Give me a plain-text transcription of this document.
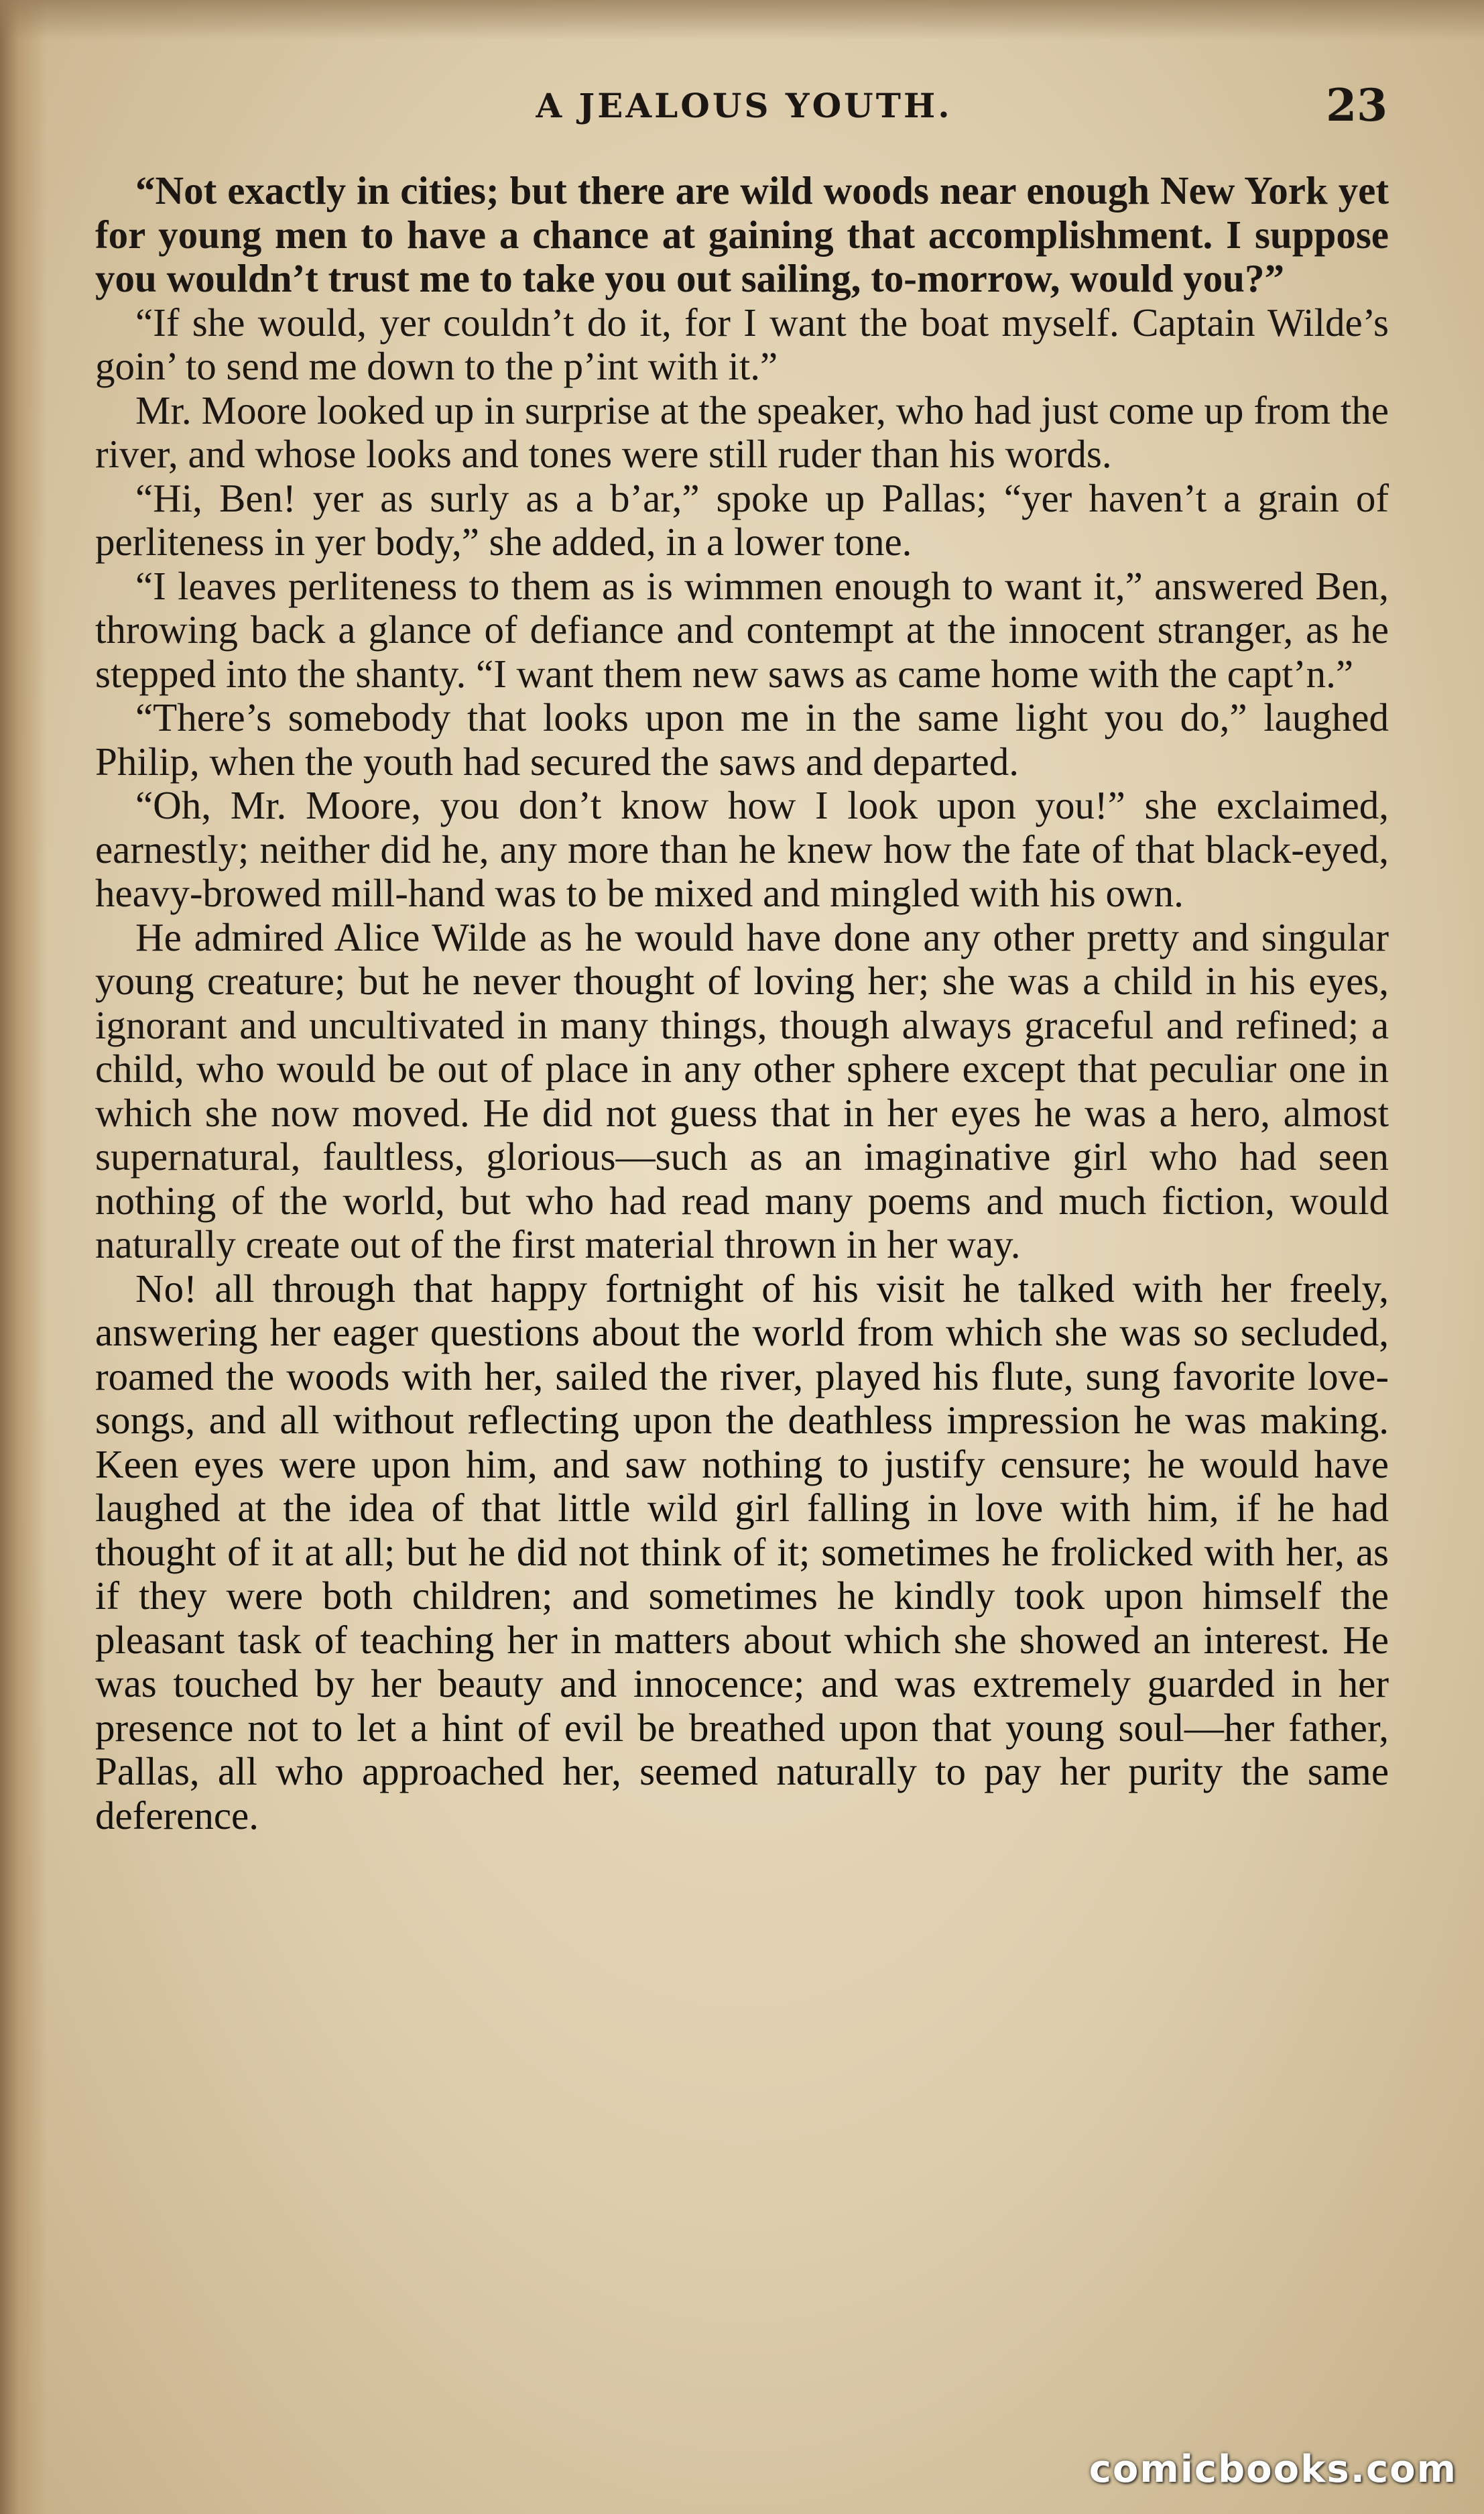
A JEALOUS YOUTH.	23

“Not exactly in cities; but there are wild woods near enough New York yet for young men to have a chance at gaining that accomplishment. I suppose you wouldn’t trust me to take you out sailing, to-morrow, would you?”

“If she would, yer couldn’t do it, for I want the boat myself. Captain Wilde’s goin’ to send me down to the p’int with it.”

Mr. Moore looked up in surprise at the speaker, who had just come up from the river, and whose looks and tones were still ruder than his words.

“Hi, Ben! yer as surly as a b’ar,” spoke up Pallas; “yer haven’t a grain of perliteness in yer body,” she added, in a lower tone.

“I leaves perliteness to them as is wimmen enough to want it,” answered Ben, throwing back a glance of defiance and contempt at the innocent stranger, as he stepped into the shanty. “I want them new saws as came home with the capt’n.”

“There’s somebody that looks upon me in the same light you do,” laughed Philip, when the youth had secured the saws and departed.

“Oh, Mr. Moore, you don’t know how I look upon you!” she exclaimed, earnestly; neither did he, any more than he knew how the fate of that black-eyed, heavy-browed mill-hand was to be mixed and mingled with his own.

He admired Alice Wilde as he would have done any other pretty and singular young creature; but he never thought of loving her; she was a child in his eyes, ignorant and uncultivated in many things, though always graceful and refined; a child, who would be out of place in any other sphere except that peculiar one in which she now moved. He did not guess that in her eyes he was a hero, almost supernatural, faultless, glorious—such as an imaginative girl who had seen nothing of the world, but who had read many poems and much fiction, would naturally create out of the first material thrown in her way.

No! all through that happy fortnight of his visit he talked with her freely, answering her eager questions about the world from which she was so secluded, roamed the woods with her, sailed the river, played his flute, sung favorite love-songs, and all without reflecting upon the deathless impression he was making. Keen eyes were upon him, and saw nothing to justify censure; he would have laughed at the idea of that little wild girl falling in love with him, if he had thought of it at all; but he did not think of it; sometimes he frolicked with her, as if they were both children; and sometimes he kindly took upon himself the pleasant task of teaching her in matters about which she showed an interest. He was touched by her beauty and innocence; and was extremely guarded in her presence not to let a hint of evil be breathed upon that young soul—her father, Pallas, all who approached her, seemed naturally to pay her purity the same deference.

comicbooks.com
